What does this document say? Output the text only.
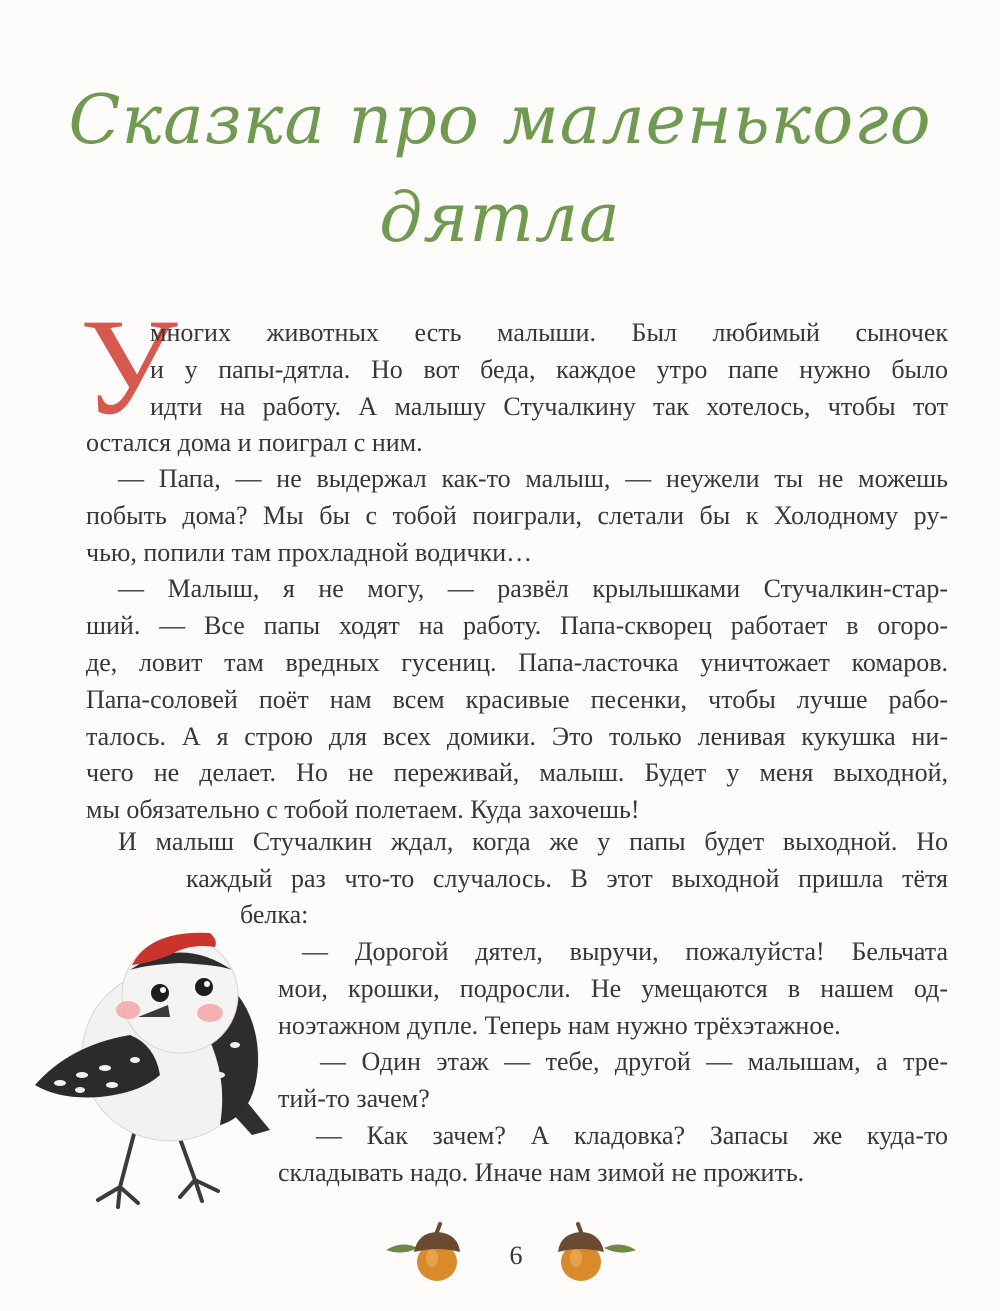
Сказка про маленького
дятла
У
многих животных есть малыши. Был любимый сыночек
и у папы-дятла. Но вот беда, каждое утро папе нужно было
идти на работу. А малышу Стучалкину так хотелось, чтобы тот
остался дома и поиграл с ним.
— Папа, — не выдержал как-то малыш, — неужели ты не можешь
побыть дома? Мы бы с тобой поиграли, слетали бы к Холодному ру-
чью, попили там прохладной водички…
— Малыш, я не могу, — развёл крылышками Стучалкин-стар-
ший. — Все папы ходят на работу. Папа-скворец работает в огоро-
де, ловит там вредных гусениц. Папа-ласточка уничтожает комаров.
Папа-соловей поёт нам всем красивые песенки, чтобы лучше рабо-
талось. А я строю для всех домики. Это только ленивая кукушка ни-
чего не делает. Но не переживай, малыш. Будет у меня выходной,
мы обязательно с тобой полетаем. Куда захочешь!
И малыш Стучалкин ждал, когда же у папы будет выходной. Но
каждый раз что-то случалось. В этот выходной пришла тётя
белка:
— Дорогой дятел, выручи, пожалуйста! Бельчата
мои, крошки, подросли. Не умещаются в нашем од-
ноэтажном дупле. Теперь нам нужно трёхэтажное.
— Один этаж — тебе, другой — малышам, а тре-
тий-то зачем?
— Как зачем? А кладовка? Запасы же куда-то
складывать надо. Иначе нам зимой не прожить.
6
